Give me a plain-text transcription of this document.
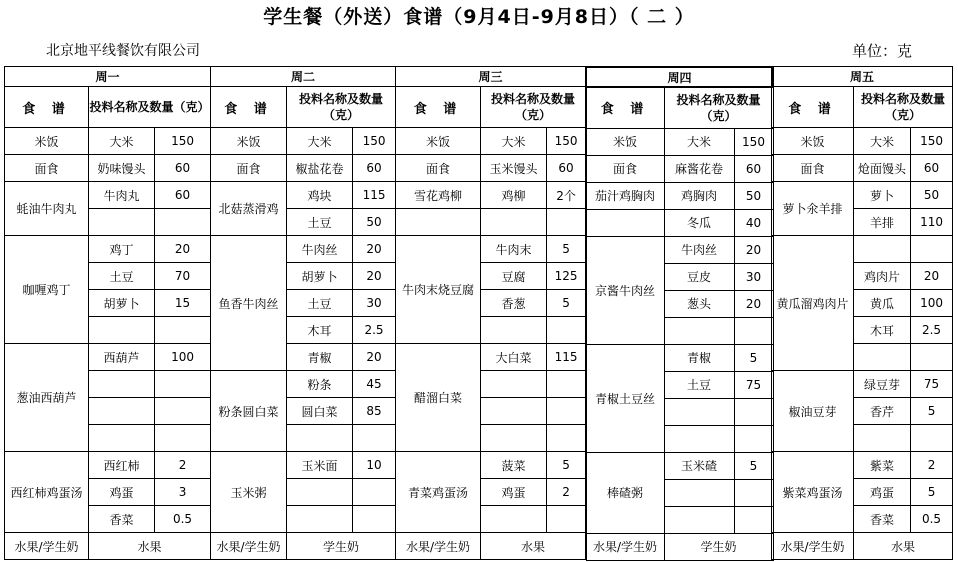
学生餐（外送）食谱（9月4日-9月8日）（ 二 ）
北京地平线餐饮有限公司	单位：克
周一		
食 谱	投料名称及数量（克）	
米饭	大米	150
面食	奶味馒头	60
蚝油牛肉丸	牛肉丸	60

咖喱鸡丁	鸡丁	20
	土豆	70
	胡萝卜	15

葱油西葫芦	西葫芦	100

西红柿鸡蛋汤	西红柿	2
	鸡蛋	3
	香菜	0.5
水果/学生奶	水果	
周二		
食 谱	投料名称及数量（克）	
米饭	大米	150
面食	椒盐花卷	60
北菇蒸滑鸡	鸡块	115
	土豆	50
鱼香牛肉丝	牛肉丝	20
	胡萝卜	20
	土豆	30
	木耳	2.5
	青椒	20
粉条圆白菜	粉条	45
	圆白菜	85

玉米粥	玉米面	10

水果/学生奶	学生奶	
周三		
食 谱	投料名称及数量（克）	
米饭	大米	150
面食	玉米馒头	60
雪花鸡柳	鸡柳	2个

牛肉末烧豆腐	牛肉末	5
	豆腐	125
	香葱	5

醋溜白菜	大白菜	115

青菜鸡蛋汤	菠菜	5
	鸡蛋	2

水果/学生奶	水果	
周四		
食 谱	投料名称及数量（克）	
米饭	大米	150
面食	麻酱花卷	60
茄汁鸡胸肉	鸡胸肉	50
	冬瓜	40
京酱牛肉丝	牛肉丝	20
	豆皮	30
	葱头	20

青椒土豆丝	青椒	5
	土豆	75

棒碴粥	玉米碴	5

水果/学生奶	学生奶	
周五		
食 谱	投料名称及数量（克）	
米饭	大米	150
面食	炝面馒头	60
萝卜氽羊排	萝卜	50
	羊排	110
黄瓜溜鸡肉片		
	鸡肉片	20
	黄瓜	100
	木耳	2.5

椒油豆芽	绿豆芽	75
	香芹	5

紫菜鸡蛋汤	紫菜	2
	鸡蛋	5
	香菜	0.5
水果/学生奶	水果	
